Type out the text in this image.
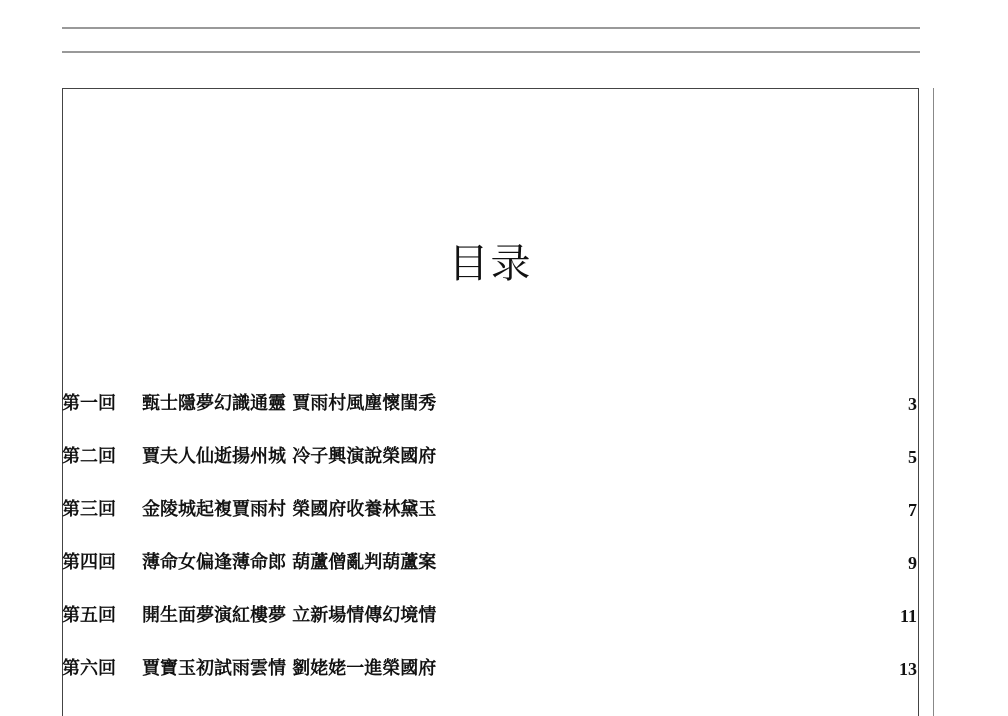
目录
第一回 甄士隱夢幻識通靈 賈雨村風塵懷閨秀	3
第二回 賈夫人仙逝揚州城 冷子興演說榮國府	5
第三回 金陵城起複賈雨村 榮國府收養林黛玉	7
第四回 薄命女偏逢薄命郎 葫蘆僧亂判葫蘆案	9
第五回 開生面夢演紅樓夢 立新場情傳幻境情	11
第六回 賈寶玉初試雨雲情 劉姥姥一進榮國府	13
